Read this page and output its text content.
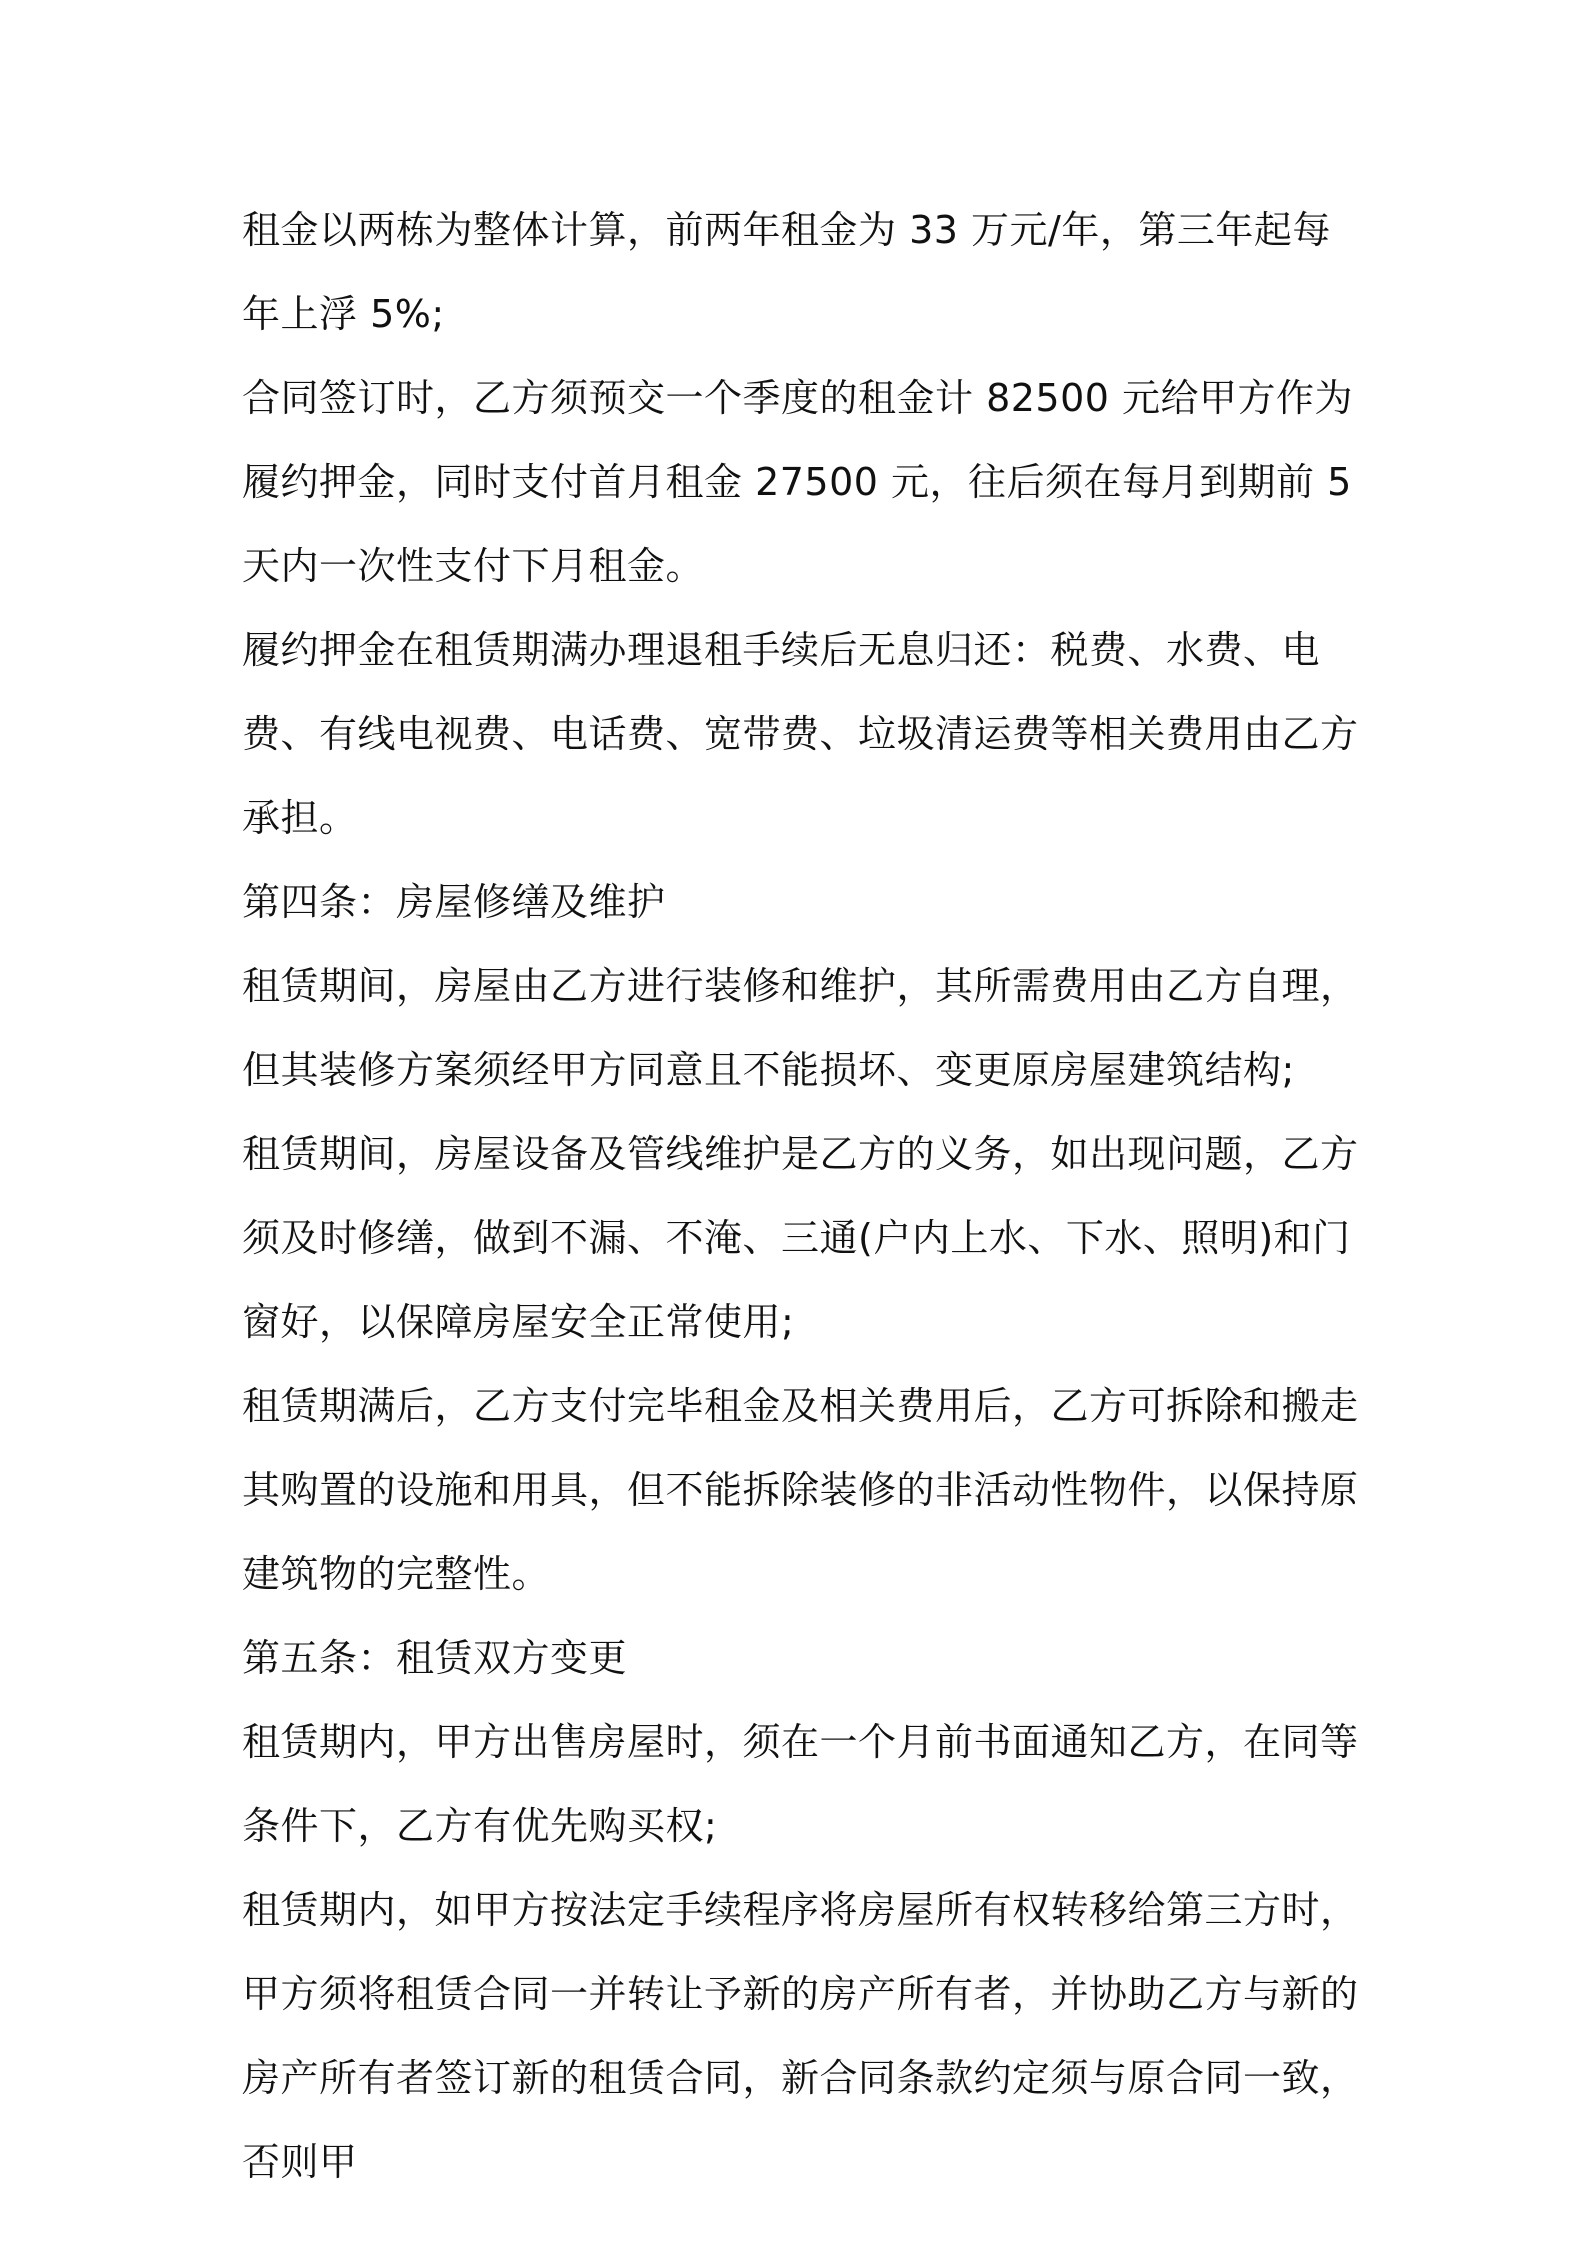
租金以两栋为整体计算，前两年租金为 33 万元/年，第三年起每年上浮 5%;

合同签订时，乙方须预交一个季度的租金计 82500 元给甲方作为履约押金，同时支付首月租金 27500 元，往后须在每月到期前 5 天内一次性支付下月租金。

履约押金在租赁期满办理退租手续后无息归还：税费、水费、电费、有线电视费、电话费、宽带费、垃圾清运费等相关费用由乙方承担。

第四条：房屋修缮及维护

租赁期间，房屋由乙方进行装修和维护，其所需费用由乙方自理，但其装修方案须经甲方同意且不能损坏、变更原房屋建筑结构;

租赁期间，房屋设备及管线维护是乙方的义务，如出现问题，乙方须及时修缮，做到不漏、不淹、三通(户内上水、下水、照明)和门窗好，以保障房屋安全正常使用;

租赁期满后，乙方支付完毕租金及相关费用后，乙方可拆除和搬走其购置的设施和用具，但不能拆除装修的非活动性物件，以保持原建筑物的完整性。

第五条：租赁双方变更

租赁期内，甲方出售房屋时，须在一个月前书面通知乙方，在同等条件下，乙方有优先购买权;

租赁期内，如甲方按法定手续程序将房屋所有权转移给第三方时，甲方须将租赁合同一并转让予新的房产所有者，并协助乙方与新的房产所有者签订新的租赁合同，新合同条款约定须与原合同一致，否则甲
